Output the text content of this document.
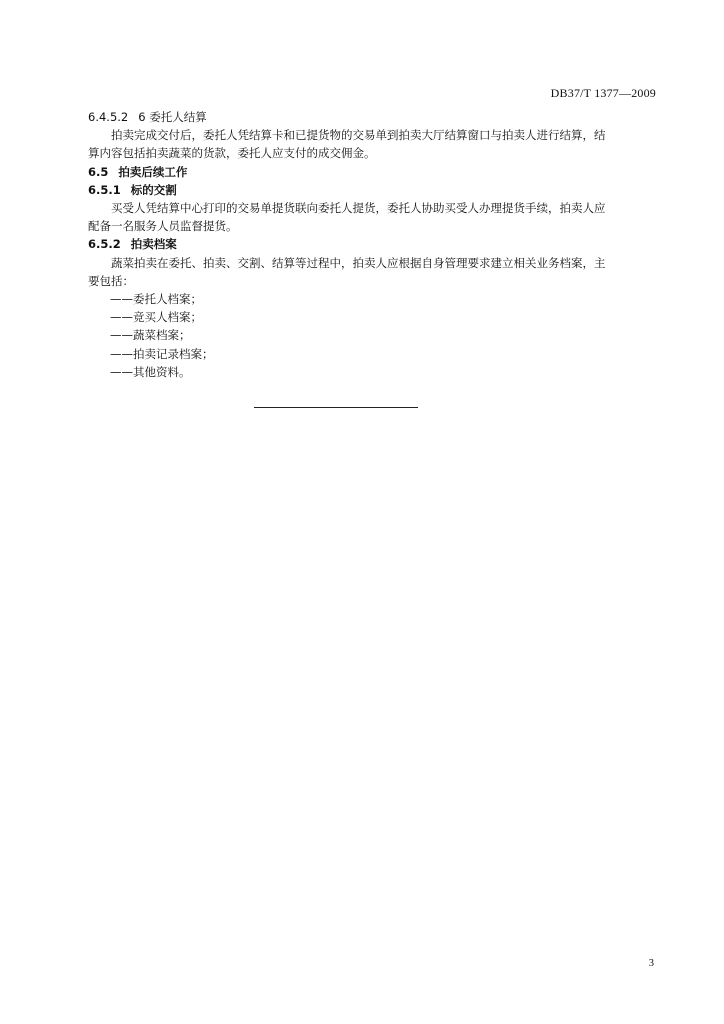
DB37/T 1377—2009
6.4.5.2 6 委托人结算
拍卖完成交付后，委托人凭结算卡和已提货物的交易单到拍卖大厅结算窗口与拍卖人进行结算，结
算内容包括拍卖蔬菜的货款，委托人应支付的成交佣金。
6.5 拍卖后续工作
6.5.1 标的交割
买受人凭结算中心打印的交易单提货联向委托人提货，委托人协助买受人办理提货手续，拍卖人应
配备一名服务人员监督提货。
6.5.2 拍卖档案
蔬菜拍卖在委托、拍卖、交割、结算等过程中，拍卖人应根据自身管理要求建立相关业务档案，主
要包括：
——委托人档案；
——竞买人档案；
——蔬菜档案；
——拍卖记录档案；
——其他资料。
3
